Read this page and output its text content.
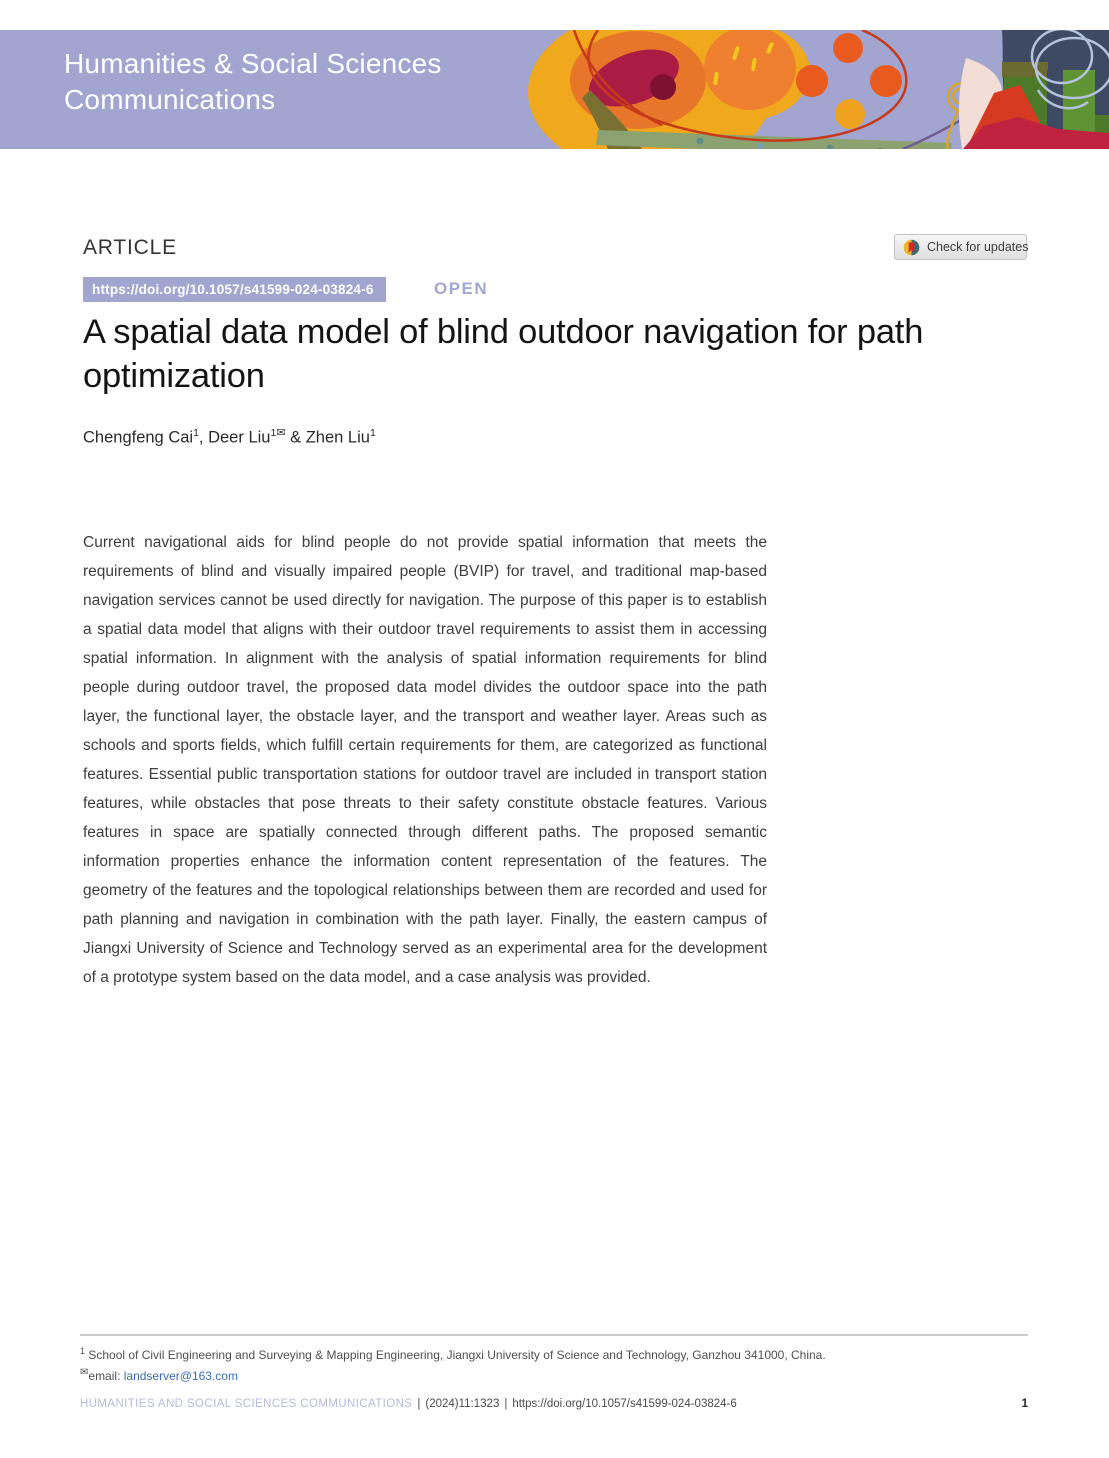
Humanities & Social Sciences
Communications
ARTICLE	Check for updates
https://doi.org/10.1057/s41599-024-03824-6	OPEN
A spatial data model of blind outdoor navigation for path optimization
Chengfeng Cai$^1$, Deer Liu$^{1✉}$ & Zhen Liu$^1$

Current navigational aids for blind people do not provide spatial information that meets the requirements of blind and visually impaired people (BVIP) for travel, and traditional map-based navigation services cannot be used directly for navigation. The purpose of this paper is to establish a spatial data model that aligns with their outdoor travel requirements to assist them in accessing spatial information. In alignment with the analysis of spatial information requirements for blind people during outdoor travel, the proposed data model divides the outdoor space into the path layer, the functional layer, the obstacle layer, and the transport and weather layer. Areas such as schools and sports fields, which fulfill certain requirements for them, are categorized as functional features. Essential public transportation stations for outdoor travel are included in transport station features, while obstacles that pose threats to their safety constitute obstacle features. Various features in space are spatially connected through different paths. The proposed semantic information properties enhance the information content representation of the features. The geometry of the features and the topological relationships between them are recorded and used for path planning and navigation in combination with the path layer. Finally, the eastern campus of Jiangxi University of Science and Technology served as an experimental area for the development of a prototype system based on the data model, and a case analysis was provided.

$^1$ School of Civil Engineering and Surveying & Mapping Engineering, Jiangxi University of Science and Technology, Ganzhou 341000, China.
✉email: landserver@163.com
HUMANITIES AND SOCIAL SCIENCES COMMUNICATIONS | (2024)11:1323 | https://doi.org/10.1057/s41599-024-03824-6	1
